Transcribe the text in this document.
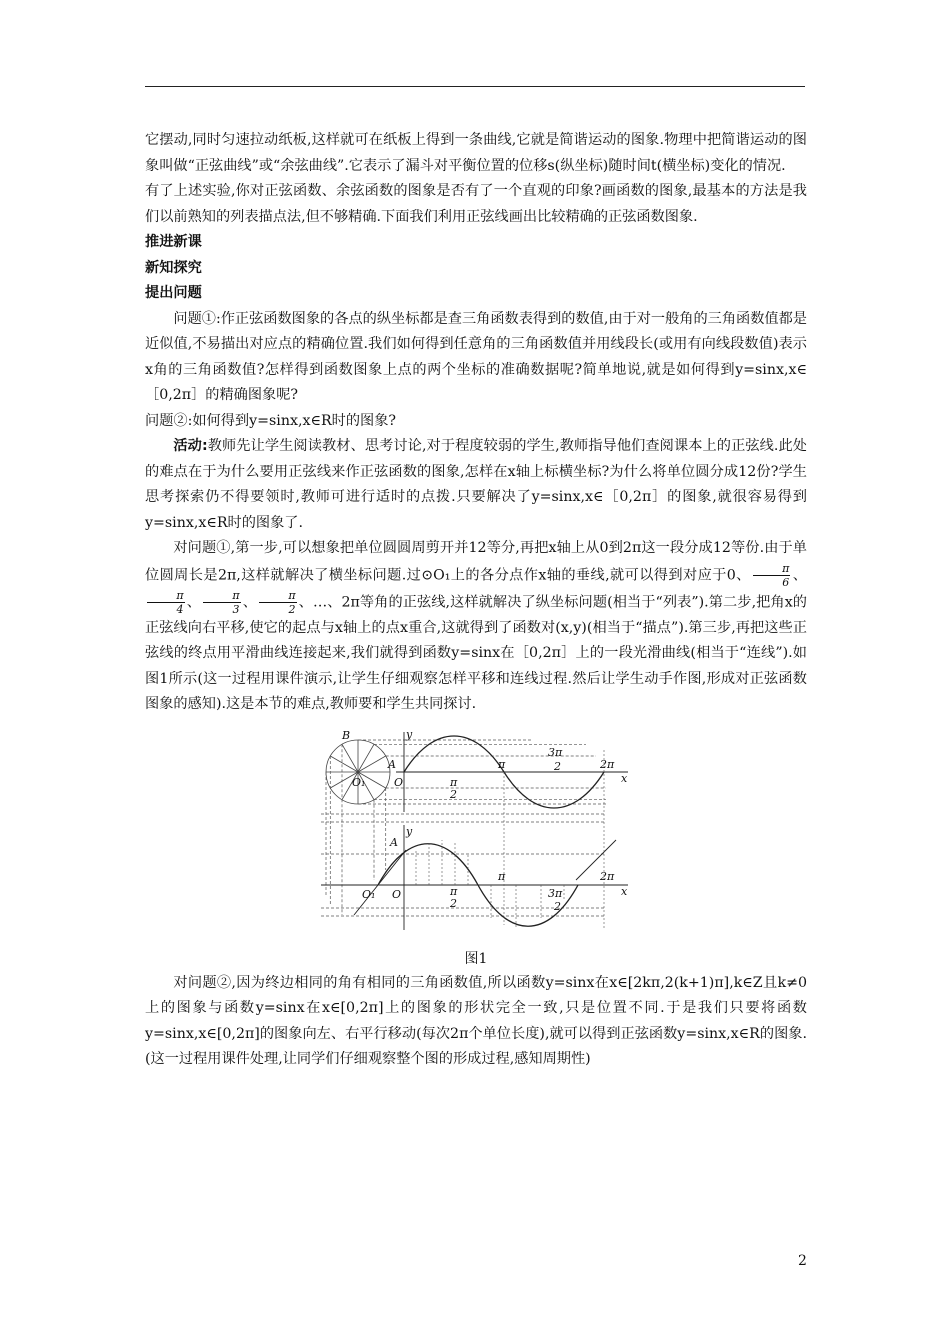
它摆动,同时匀速拉动纸板,这样就可在纸板上得到一条曲线,它就是简谐运动的图象.物理中把简谐运动的图象叫做“正弦曲线”或“余弦曲线”.它表示了漏斗对平衡位置的位移s(纵坐标)随时间t(横坐标)变化的情况.

有了上述实验,你对正弦函数、余弦函数的图象是否有了一个直观的印象?画函数的图象,最基本的方法是我们以前熟知的列表描点法,但不够精确.下面我们利用正弦线画出比较精确的正弦函数图象.

推进新课

新知探究

提出问题

问题①:作正弦函数图象的各点的纵坐标都是查三角函数表得到的数值,由于对一般角的三角函数值都是近似值,不易描出对应点的精确位置.我们如何得到任意角的三角函数值并用线段长(或用有向线段数值)表示x角的三角函数值?怎样得到函数图象上点的两个坐标的准确数据呢?简单地说,就是如何得到y=sinx,x∈［0,2π］的精确图象呢?

问题②:如何得到y=sinx,x∈R时的图象?

活动:教师先让学生阅读教材、思考讨论,对于程度较弱的学生,教师指导他们查阅课本上的正弦线.此处的难点在于为什么要用正弦线来作正弦函数的图象,怎样在x轴上标横坐标?为什么将单位圆分成12份?学生思考探索仍不得要领时,教师可进行适时的点拨.只要解决了y=sinx,x∈［0,2π］的图象,就很容易得到y=sinx,x∈R时的图象了.

对问题①,第一步,可以想象把单位圆圆周剪开并12等分,再把x轴上从0到2π这一段分成12等份.由于单位圆周长是2π,这样就解决了横坐标问题.过⊙O₁上的各分点作x轴的垂线,就可以得到对应于0、 $\frac{\pi}{6}$ 、
$\frac{\pi}{4}$ 、 $\frac{\pi}{3}$ 、 $\frac{\pi}{2}$ 、…、2π等角的正弦线,这样就解决了纵坐标问题(相当于“列表”).第二步,把角x的正弦线向右平移,使它的起点与x轴上的点x重合,这就得到了函数对(x,y)(相当于“描点”).第三步,再把这些正弦线的终点用平滑曲线连接起来,我们就得到函数y=sinx在［0,2π］上的一段光滑曲线(相当于“连线”).如图1所示(这一过程用课件演示,让学生仔细观察怎样平移和连线过程.然后让学生动手作图,形成对正弦函数图象的感知).这是本节的难点,教师要和学生共同探讨.

B
A
O₁	O
y
x
π	2π
3π
2
π
2
y
A
O₁ O	x
π	2π
π
2
3π
2
图1

对问题②,因为终边相同的角有相同的三角函数值,所以函数y=sinx在x∈[2kπ,2(k+1)π],k∈Z且k≠0上的图象与函数y=sinx在x∈[0,2π]上的图象的形状完全一致,只是位置不同.于是我们只要将函数y=sinx,x∈[0,2π]的图象向左、右平行移动(每次2π个单位长度),就可以得到正弦函数y=sinx,x∈R的图象.(这一过程用课件处理,让同学们仔细观察整个图的形成过程,感知周期性)

2
